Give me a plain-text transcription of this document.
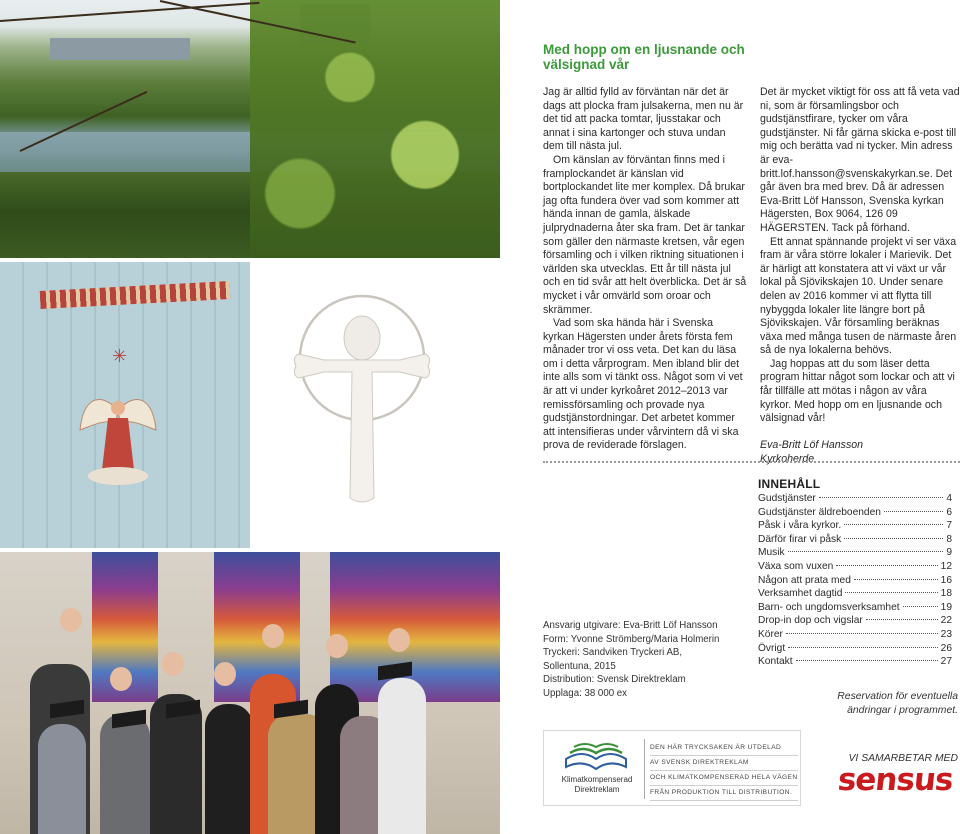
✳
Med hopp om en ljusnande och välsignad vår

Jag är alltid fylld av förväntan när det är dags att plocka fram julsakerna, men nu är det tid att packa tomtar, ljusstakar och annat i sina kartonger och stuva undan dem till nästa jul.

Om känslan av förväntan finns med i framplockandet är känslan vid bortplockandet lite mer komplex. Då brukar jag ofta fundera över vad som kommer att hända innan de gamla, älskade julprydnaderna åter ska fram. Det är tankar som gäller den närmaste kretsen, vår egen församling och i vilken riktning situationen i världen ska utvecklas. Ett år till nästa jul och en tid svår att helt överblicka. Det är så mycket i vår omvärld som oroar och skrämmer.

Vad som ska hända här i Svenska kyrkan Hägersten under årets första fem månader tror vi oss veta. Det kan du läsa om i detta vårprogram. Men ibland blir det inte alls som vi tänkt oss. Något som vi vet är att vi under kyrkoåret 2012–2013 var remissförsamling och provade nya gudstjänstordningar. Det arbetet kommer att intensifieras under vårvintern då vi ska prova de reviderade förslagen.

Det är mycket viktigt för oss att få veta vad ni, som är församlingsbor och gudstjänstfirare, tycker om våra gudstjänster. Ni får gärna skicka e-post till mig och berätta vad ni tycker. Min adress är eva-britt.lof.hansson@svenskakyrkan.se. Det går även bra med brev. Då är adressen Eva-Britt Löf Hansson, Svenska kyrkan Hägersten, Box 9064, 126 09 HÄGERSTEN. Tack på förhand.

Ett annat spännande projekt vi ser växa fram är våra större lokaler i Marievik. Det är härligt att konstatera att vi växt ur vår lokal på Sjövikskajen 10. Under senare delen av 2016 kommer vi att flytta till nybyggda lokaler lite längre bort på Sjövikskajen. Vår församling beräknas växa med många tusen de närmaste åren så de nya lokalerna behövs.

Jag hoppas att du som läser detta program hittar något som lockar och att vi får tillfälle att mötas i någon av våra kyrkor. Med hopp om en ljusnande och välsignad vår!

Eva-Britt Löf Hansson

Kyrkoherde

Ansvarig utgivare: Eva-Britt Löf Hansson
Form: Yvonne Strömberg/Maria Holmerin
Tryckeri: Sandviken Tryckeri AB,
Sollentuna, 2015
Distribution: Svensk Direktreklam
Upplaga: 38 000 ex
INNEHÅLL
Gudstjänster	4
Gudstjänster äldreboenden	6
Påsk i våra kyrkor.	7
Därför firar vi påsk	8
Musik	9
Växa som vuxen	12
Någon att prata med	16
Verksamhet dagtid	18
Barn- och ungdomsverksamhet	19
Drop-in dop och vigslar	22
Körer	23
Övrigt	26
Kontakt	27
Reservation för eventuella ändringar i programmet.
Klimatkompenserad
Direktreklam
DEN HÄR TRYCKSAKEN ÄR UTDELAD
AV SVENSK DIREKTREKLAM
OCH KLIMATKOMPENSERAD HELA VÄGEN
FRÅN PRODUKTION TILL DISTRIBUTION.
VI SAMARBETAR MED
sensus
